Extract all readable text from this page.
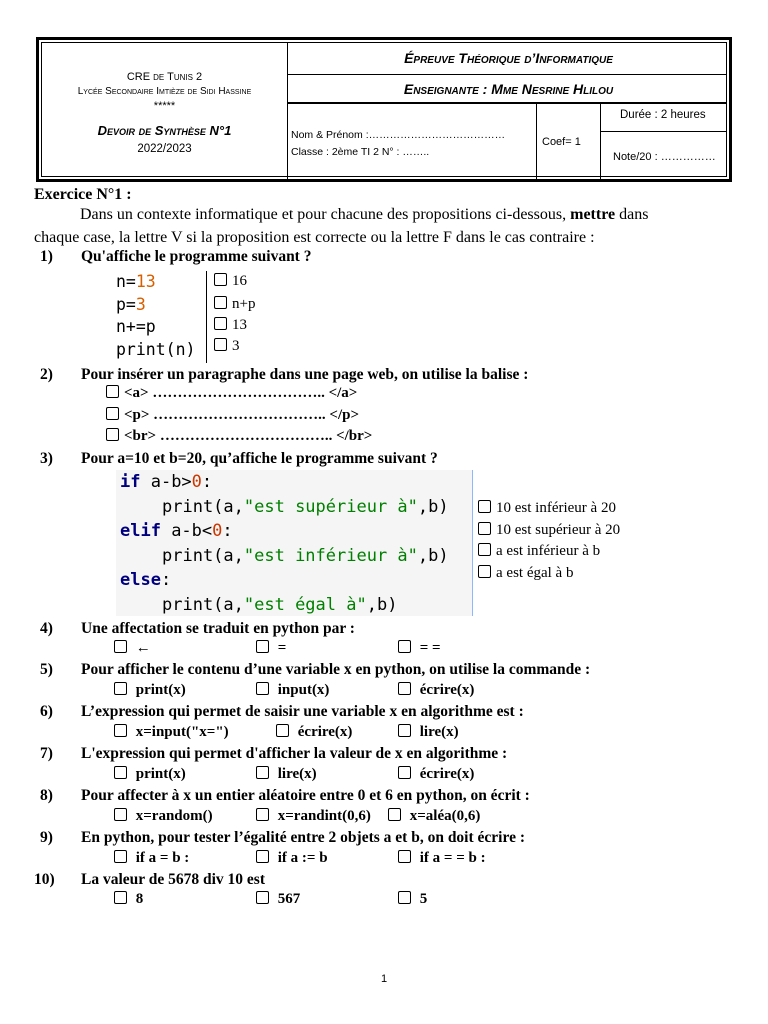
CRE de Tunis 2
Lycée Secondaire Imtièze de Sidi Hassine
*****
Devoir de Synthèse N°1
2022/2023
Épreuve Théorique d’Informatique
Enseignante : Mme Nesrine Hlilou
Nom & Prénom :…………………………………
Classe : 2ème TI 2 N° : ……..
Coef= 1
Durée : 2 heures
Note/20 : ……………
Exercice N°1 :
Dans un contexte informatique et pour chacune des propositions ci-dessous, mettre dans
chaque case, la lettre V si la proposition est correcte ou la lettre F dans le cas contraire :
1) Qu'affiche le programme suivant ?
n=13
p=3
n+=p
print(n)
16
n+p
13
3
2) Pour insérer un paragraphe dans une page web, on utilise la balise :
<a> …………………………….. </a>
<p> …………………………….. </p>
<br> …………………………….. </br>
3) Pour a=10 et b=20, qu’affiche le programme suivant ?
if a-b>0:
print(a,"est supérieur à",b)
elif a-b<0:
print(a,"est inférieur à",b)
else:
print(a,"est égal à",b)
10 est inférieur à 20
10 est supérieur à 20
a est inférieur à b
a est égal à b
4) Une affectation se traduit en python par :
←	=	= =
5) Pour afficher le contenu d’une variable x en python, on utilise la commande :
print(x)	input(x)	écrire(x)
6) L’expression qui permet de saisir une variable x en algorithme est :
x=input("x=")	écrire(x)	lire(x)
7) L'expression qui permet d'afficher la valeur de x en algorithme :
print(x)	lire(x)	écrire(x)
8) Pour affecter à x un entier aléatoire entre 0 et 6 en python, on écrit :
x=random()	x=randint(0,6)	x=aléa(0,6)
9) En python, pour tester l’égalité entre 2 objets a et b, on doit écrire :
if a = b :	if a := b	if a = = b :
10) La valeur de 5678 div 10 est
8	567	5
1
